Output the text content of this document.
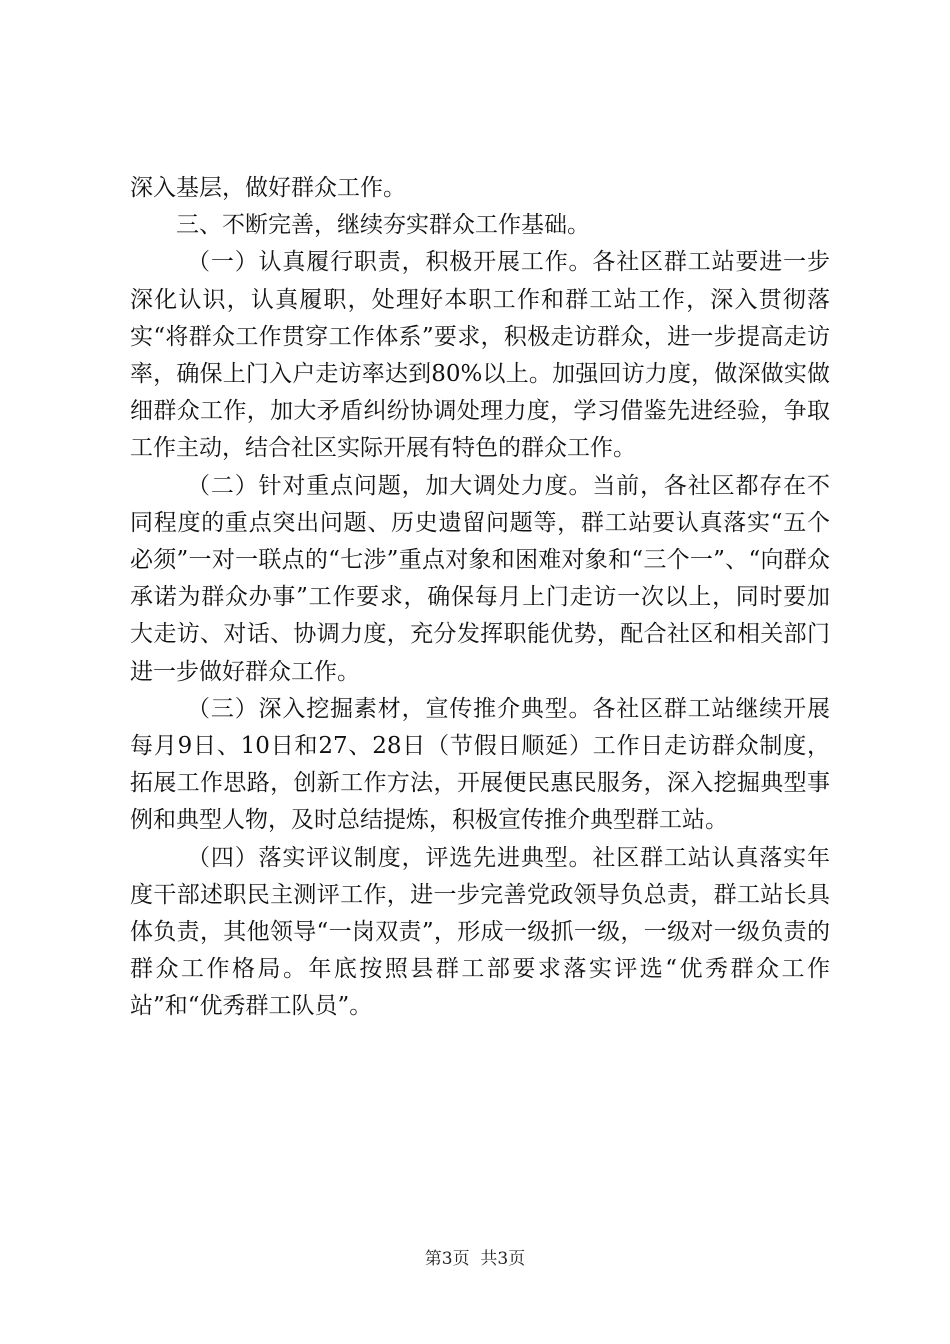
深入基层，做好群众工作。

三、不断完善，继续夯实群众工作基础。

（一）认真履行职责，积极开展工作。各社区群工站要进一步深化认识，认真履职，处理好本职工作和群工站工作，深入贯彻落实“将群众工作贯穿工作体系”要求，积极走访群众，进一步提高走访率，确保上门入户走访率达到80%以上。加强回访力度，做深做实做细群众工作，加大矛盾纠纷协调处理力度，学习借鉴先进经验，争取工作主动，结合社区实际开展有特色的群众工作。

（二）针对重点问题，加大调处力度。当前，各社区都存在不同程度的重点突出问题、历史遗留问题等，群工站要认真落实“五个必须”一对一联点的“七涉”重点对象和困难对象和“三个一”、“向群众承诺为群众办事”工作要求，确保每月上门走访一次以上，同时要加大走访、对话、协调力度，充分发挥职能优势，配合社区和相关部门进一步做好群众工作。

（三）深入挖掘素材，宣传推介典型。各社区群工站继续开展每月9日、10日和27、28日（节假日顺延）工作日走访群众制度，拓展工作思路，创新工作方法，开展便民惠民服务，深入挖掘典型事例和典型人物，及时总结提炼，积极宣传推介典型群工站。

（四）落实评议制度，评选先进典型。社区群工站认真落实年度干部述职民主测评工作，进一步完善党政领导负总责，群工站长具体负责，其他领导“一岗双责”，形成一级抓一级，一级对一级负责的群众工作格局。年底按照县群工部要求落实评选“优秀群众工作站”和“优秀群工队员”。

第3页  共3页
